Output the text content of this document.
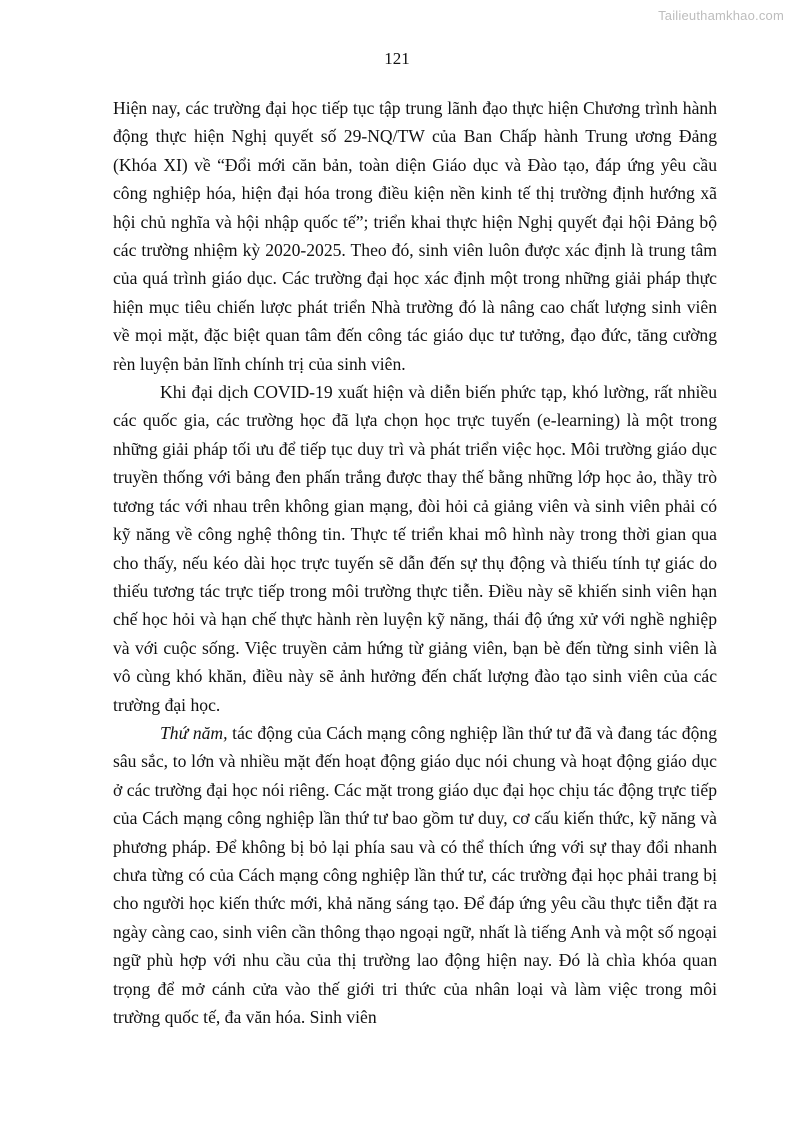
Tailieuthamkhao.com
121

Hiện nay, các trường đại học tiếp tục tập trung lãnh đạo thực hiện Chương trình hành động thực hiện Nghị quyết số 29-NQ/TW của Ban Chấp hành Trung ương Đảng (Khóa XI) về “Đổi mới căn bản, toàn diện Giáo dục và Đào tạo, đáp ứng yêu cầu công nghiệp hóa, hiện đại hóa trong điều kiện nền kinh tế thị trường định hướng xã hội chủ nghĩa và hội nhập quốc tế”; triển khai thực hiện Nghị quyết đại hội Đảng bộ các trường nhiệm kỳ 2020-2025. Theo đó, sinh viên luôn được xác định là trung tâm của quá trình giáo dục. Các trường đại học xác định một trong những giải pháp thực hiện mục tiêu chiến lược phát triển Nhà trường đó là nâng cao chất lượng sinh viên về mọi mặt, đặc biệt quan tâm đến công tác giáo dục tư tưởng, đạo đức, tăng cường rèn luyện bản lĩnh chính trị của sinh viên.

Khi đại dịch COVID-19 xuất hiện và diễn biến phức tạp, khó lường, rất nhiều các quốc gia, các trường học đã lựa chọn học trực tuyến (e-learning) là một trong những giải pháp tối ưu để tiếp tục duy trì và phát triển việc học. Môi trường giáo dục truyền thống với bảng đen phấn trắng được thay thế bằng những lớp học ảo, thầy trò tương tác với nhau trên không gian mạng, đòi hỏi cả giảng viên và sinh viên phải có kỹ năng về công nghệ thông tin. Thực tế triển khai mô hình này trong thời gian qua cho thấy, nếu kéo dài học trực tuyến sẽ dẫn đến sự thụ động và thiếu tính tự giác do thiếu tương tác trực tiếp trong môi trường thực tiễn. Điều này sẽ khiến sinh viên hạn chế học hỏi và hạn chế thực hành rèn luyện kỹ năng, thái độ ứng xử với nghề nghiệp và với cuộc sống. Việc truyền cảm hứng từ giảng viên, bạn bè đến từng sinh viên là vô cùng khó khăn, điều này sẽ ảnh hưởng đến chất lượng đào tạo sinh viên của các trường đại học.

Thứ năm, tác động của Cách mạng công nghiệp lần thứ tư đã và đang tác động sâu sắc, to lớn và nhiều mặt đến hoạt động giáo dục nói chung và hoạt động giáo dục ở các trường đại học nói riêng. Các mặt trong giáo dục đại học chịu tác động trực tiếp của Cách mạng công nghiệp lần thứ tư bao gồm tư duy, cơ cấu kiến thức, kỹ năng và phương pháp. Để không bị bỏ lại phía sau và có thể thích ứng với sự thay đổi nhanh chưa từng có của Cách mạng công nghiệp lần thứ tư, các trường đại học phải trang bị cho người học kiến thức mới, khả năng sáng tạo. Để đáp ứng yêu cầu thực tiễn đặt ra ngày càng cao, sinh viên cần thông thạo ngoại ngữ, nhất là tiếng Anh và một số ngoại ngữ phù hợp với nhu cầu của thị trường lao động hiện nay. Đó là chìa khóa quan trọng để mở cánh cửa vào thế giới tri thức của nhân loại và làm việc trong môi trường quốc tế, đa văn hóa. Sinh viên
